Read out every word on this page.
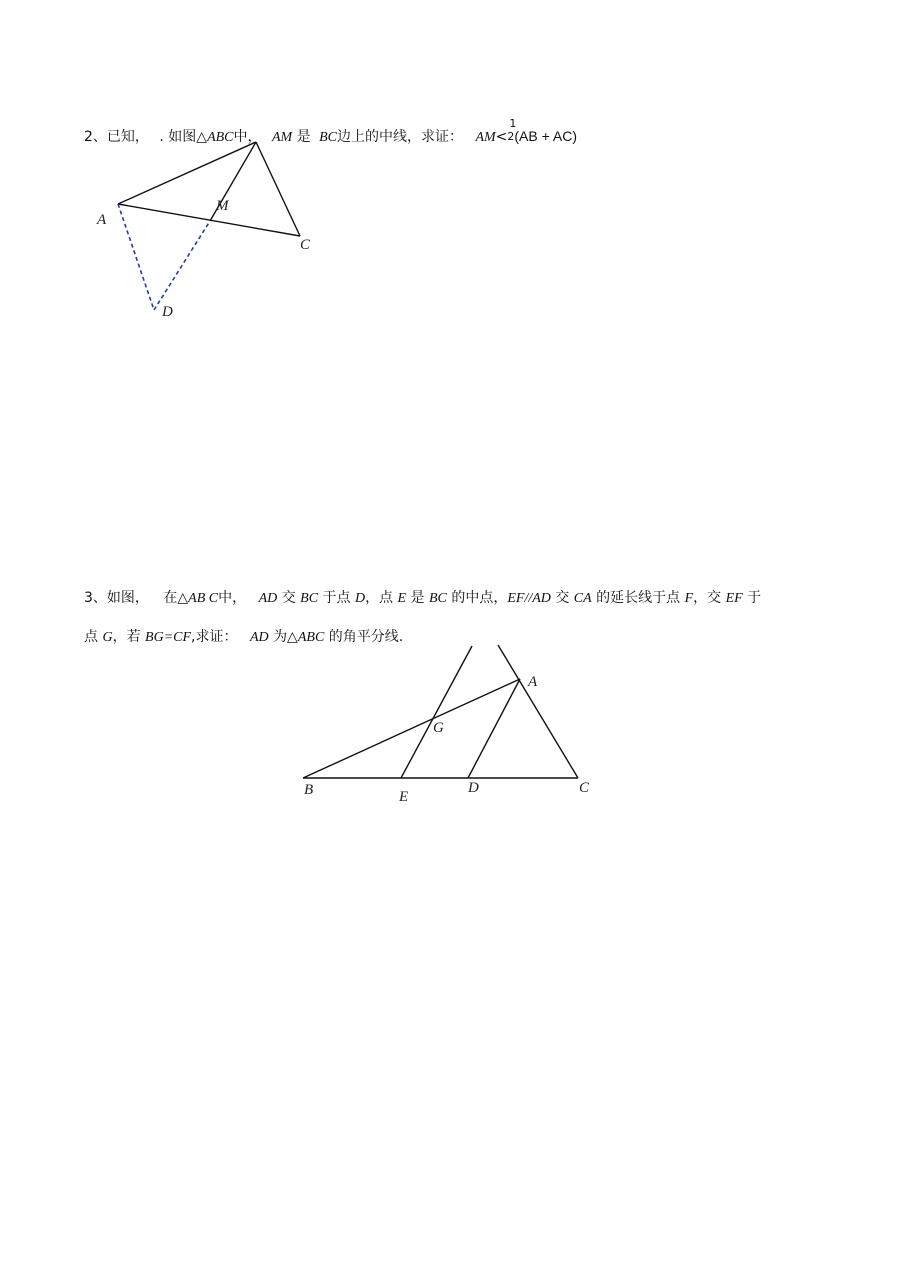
2、已知， . 如图△ABC中， AM 是 BC边上的中线，求证： AM<
1
2(AB + AC)
A
M
C
D
3、如图， 在△AB C中， AD 交 BC 于点 D，点 E 是 BC 的中点，EF//AD 交 CA 的延长线于点 F，交 EF 于
点 G，若 BG=CF,求证： AD 为△ABC 的角平分线.
A
G
B	E
D	C
